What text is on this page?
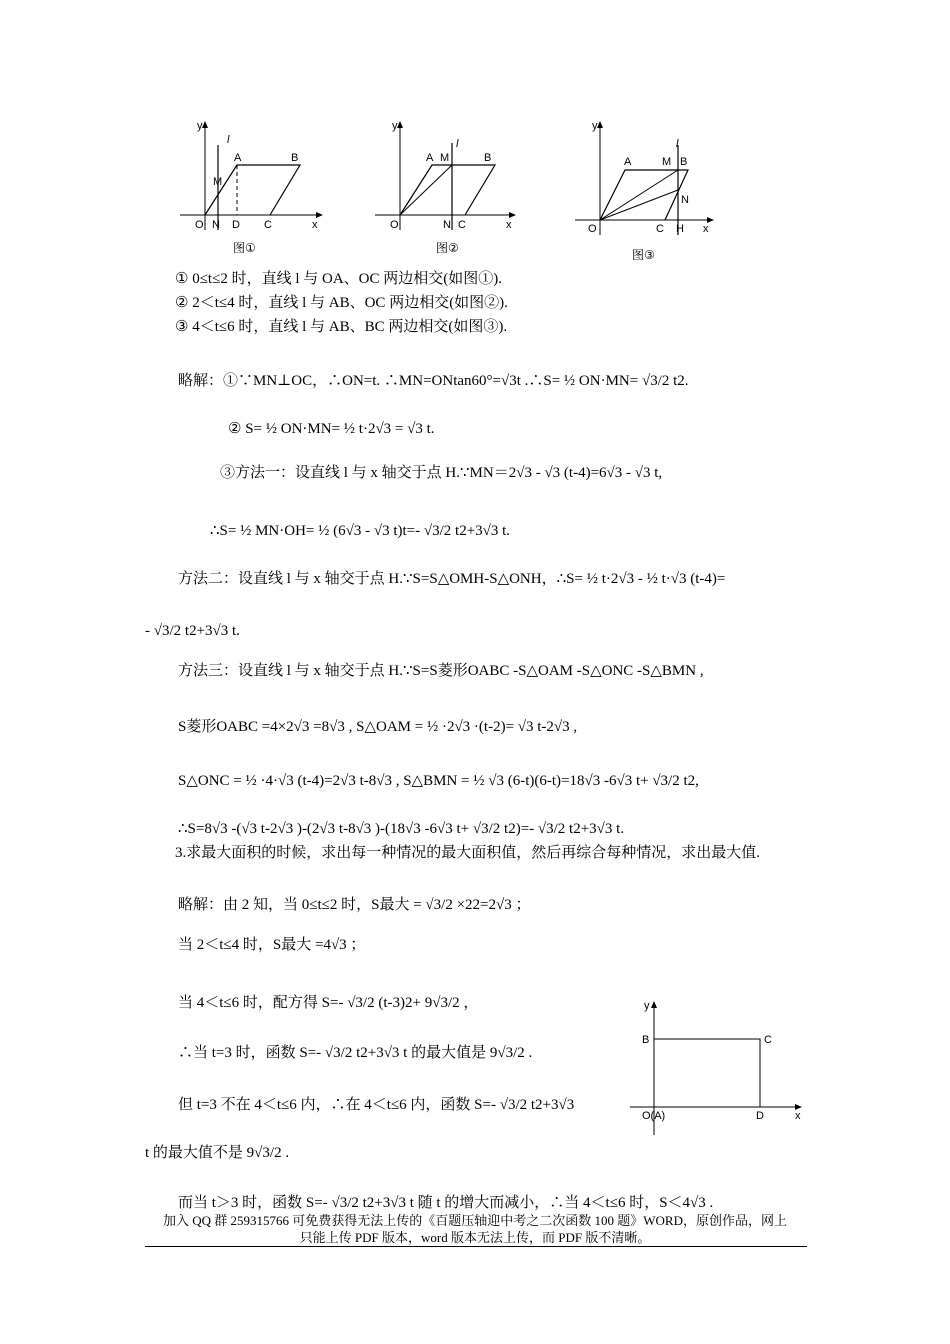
y
l
A	B
M
O N D C	x
图①
y
l
A M	B
O	N C	x
图②
y
l
A	M B
N
O	C H x
图③
y
B	C
O(A)	D	x
① 0≤t≤2 时，直线 l 与 OA、OC 两边相交(如图①).
② 2＜t≤4 时，直线 l 与 AB、OC 两边相交(如图②).
③ 4＜t≤6 时，直线 l 与 AB、BC 两边相交(如图③).
略解：①∵MN⊥OC，∴ON=t. ∴MN=ONtan60°=√3t .∴S= ½ ON·MN= √3/2 t2.
② S= ½ ON·MN= ½ t·2√3 = √3 t.
③方法一：设直线 l 与 x 轴交于点 H.∵MN＝2√3 - √3 (t-4)=6√3 - √3 t,
∴S= ½ MN·OH= ½ (6√3 - √3 t)t=- √3/2 t2+3√3 t.
方法二：设直线 l 与 x 轴交于点 H.∵S=S△OMH-S△ONH，∴S= ½ t·2√3 - ½ t·√3 (t-4)=
- √3/2 t2+3√3 t.
方法三：设直线 l 与 x 轴交于点 H.∵S=S菱形OABC -S△OAM -S△ONC -S△BMN ,
S菱形OABC =4×2√3 =8√3 , S△OAM = ½ ·2√3 ·(t-2)= √3 t-2√3 ,
S△ONC = ½ ·4·√3 (t-4)=2√3 t-8√3 , S△BMN = ½ √3 (6-t)(6-t)=18√3 -6√3 t+ √3/2 t2,
∴S=8√3 -(√3 t-2√3 )-(2√3 t-8√3 )-(18√3 -6√3 t+ √3/2 t2)=- √3/2 t2+3√3 t.
3.求最大面积的时候，求出每一种情况的最大面积值，然后再综合每种情况，求出最大值.
略解：由 2 知，当 0≤t≤2 时，S最大 = √3/2 ×22=2√3 ；
当 2＜t≤4 时，S最大 =4√3 ；
当 4＜t≤6 时，配方得 S=- √3/2 (t-3)2+ 9√3/2 ，
∴当 t=3 时，函数 S=- √3/2 t2+3√3 t 的最大值是 9√3/2 .
但 t=3 不在 4＜t≤6 内，∴在 4＜t≤6 内，函数 S=- √3/2 t2+3√3
t 的最大值不是 9√3/2 .
而当 t＞3 时，函数 S=- √3/2 t2+3√3 t 随 t 的增大而减小，∴当 4＜t≤6 时，S＜4√3 .
加入 QQ 群 259315766 可免费获得无法上传的《百题压轴迎中考之二次函数 100 题》WORD，原创作品，网上
只能上传 PDF 版本，word 版本无法上传，而 PDF 版不清晰。
